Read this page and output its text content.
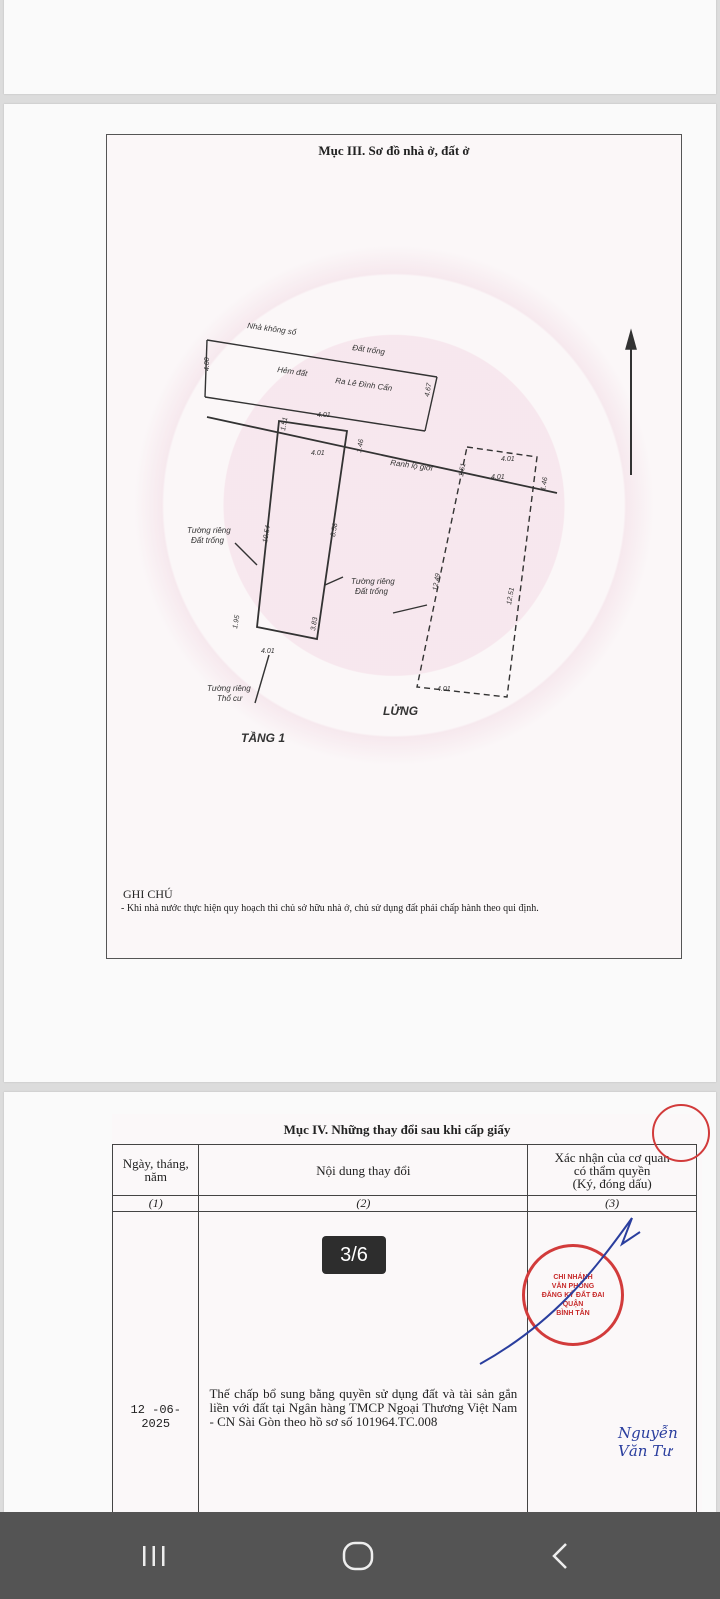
Mục III. Sơ đồ nhà ở, đất ở
Nhà không số
Đất trống
Hẻm đất
Ra Lê Đình Cẩn
Ranh lộ giới
Tường riêng
Đất trống
Tường riêng
Đất trống
Tường riêng
Thổ cư
LỬNG
TẦNG 1
4.00
4.67
4.01
1.51
4.01
1.46
10.54	8.58
1.95	3.83
4.01
1.51
4.01
4.01	1.46
12.49
12.51
4.01
GHI CHÚ
- Khi nhà nước thực hiện quy hoạch thì chủ sở hữu nhà ở, chủ sử dụng đất phải chấp hành theo qui định.
Mục IV. Những thay đổi sau khi cấp giấy
Ngày, tháng, năm	Nội dung thay đổi	Xác nhận của cơ quan
có thẩm quyền
(Ký, đóng dấu)

(1)	(2)	(3)
12 -06- 2025	Thế chấp bổ sung bằng quyền sử dụng đất và tài sản gắn liền với đất tại Ngân hàng TMCP Ngoại Thương Việt Nam - CN Sài Gòn theo hồ sơ số 101964.TC.008	
CHI NHÁNH
VĂN PHÒNG
ĐĂNG KÝ ĐẤT ĐAI
QUẬN
BÌNH TÂN
Nguyễn Văn Tư
3/6
